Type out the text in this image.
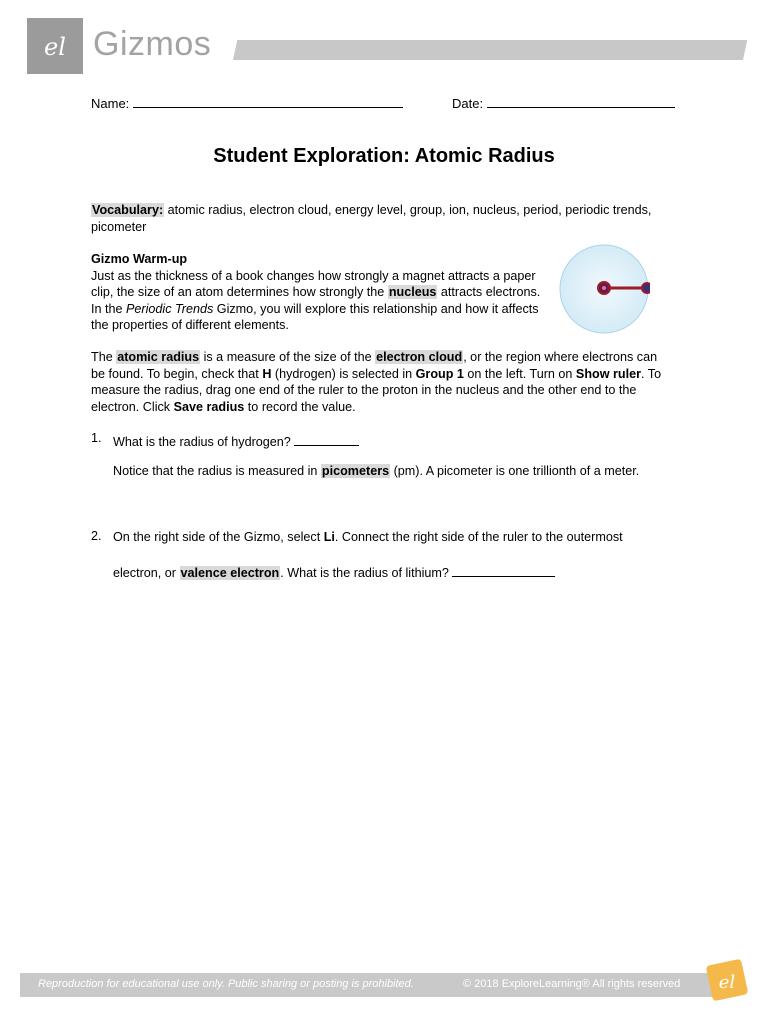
el Gizmos
Name:	Date:
Student Exploration: Atomic Radius
Vocabulary: atomic radius, electron cloud, energy level, group, ion, nucleus, period, periodic trends, picometer
Gizmo Warm-up
Just as the thickness of a book changes how strongly a magnet attracts a paper clip, the size of an atom determines how strongly the nucleus attracts electrons. In the Periodic Trends Gizmo, you will explore this relationship and how it affects the properties of different elements.
The atomic radius is a measure of the size of the electron cloud, or the region where electrons can be found. To begin, check that H (hydrogen) is selected in Group 1 on the left. Turn on Show ruler. To measure the radius, drag one end of the ruler to the proton in the nucleus and the other end to the electron. Click Save radius to record the value.
1. What is the radius of hydrogen?
Notice that the radius is measured in picometers (pm). A picometer is one trillionth of a meter.
2. On the right side of the Gizmo, select Li. Connect the right side of the ruler to the outermost
electron, or valence electron. What is the radius of lithium?
Reproduction for educational use only. Public sharing or posting is prohibited.	© 2018 ExploreLearning® All rights reserved el
